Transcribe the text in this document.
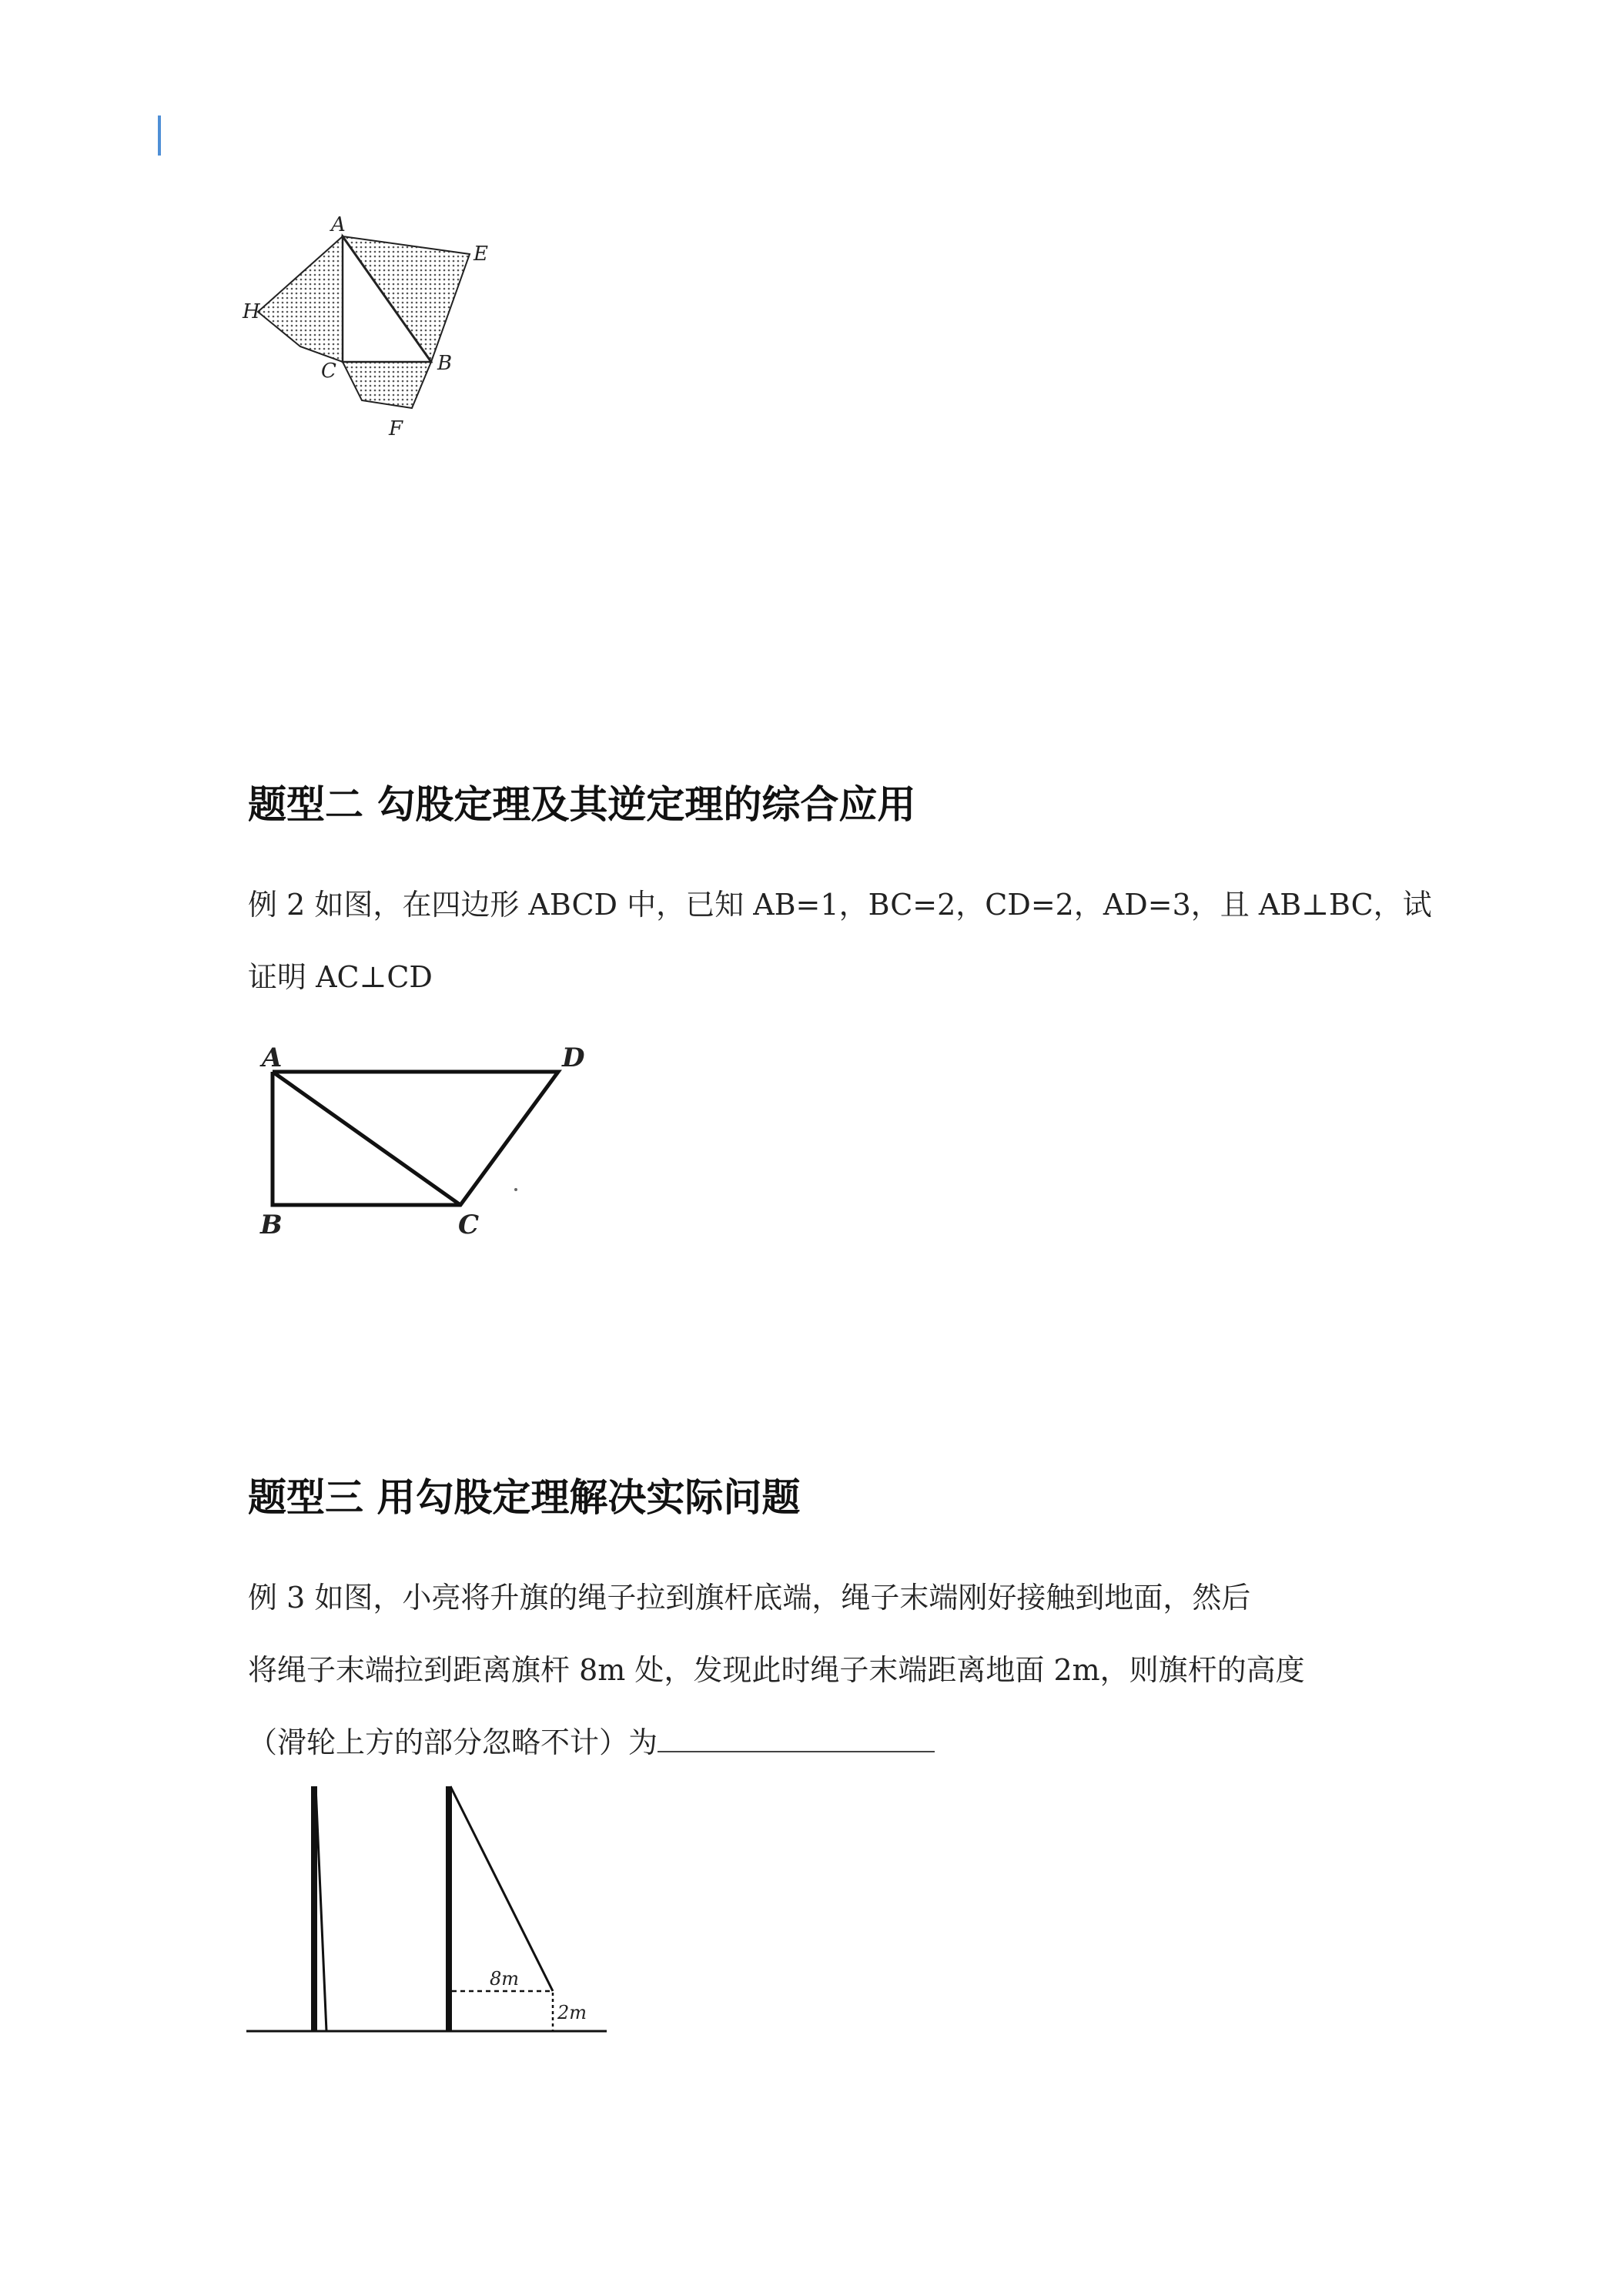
A
E
H
C	B
F
题型二 勾股定理及其逆定理的综合应用

例 2 如图，在四边形 ABCD 中，已知 AB=1，BC=2，CD=2，AD=3，且 AB⊥BC，试
证明 AC⊥CD

A	D
B	C
题型三 用勾股定理解决实际问题

例 3 如图，小亮将升旗的绳子拉到旗杆底端，绳子末端刚好接触到地面，然后
将绳子末端拉到距离旗杆 8m 处，发现此时绳子末端距离地面 2m，则旗杆的高度
（滑轮上方的部分忽略不计）为

8m
2m
